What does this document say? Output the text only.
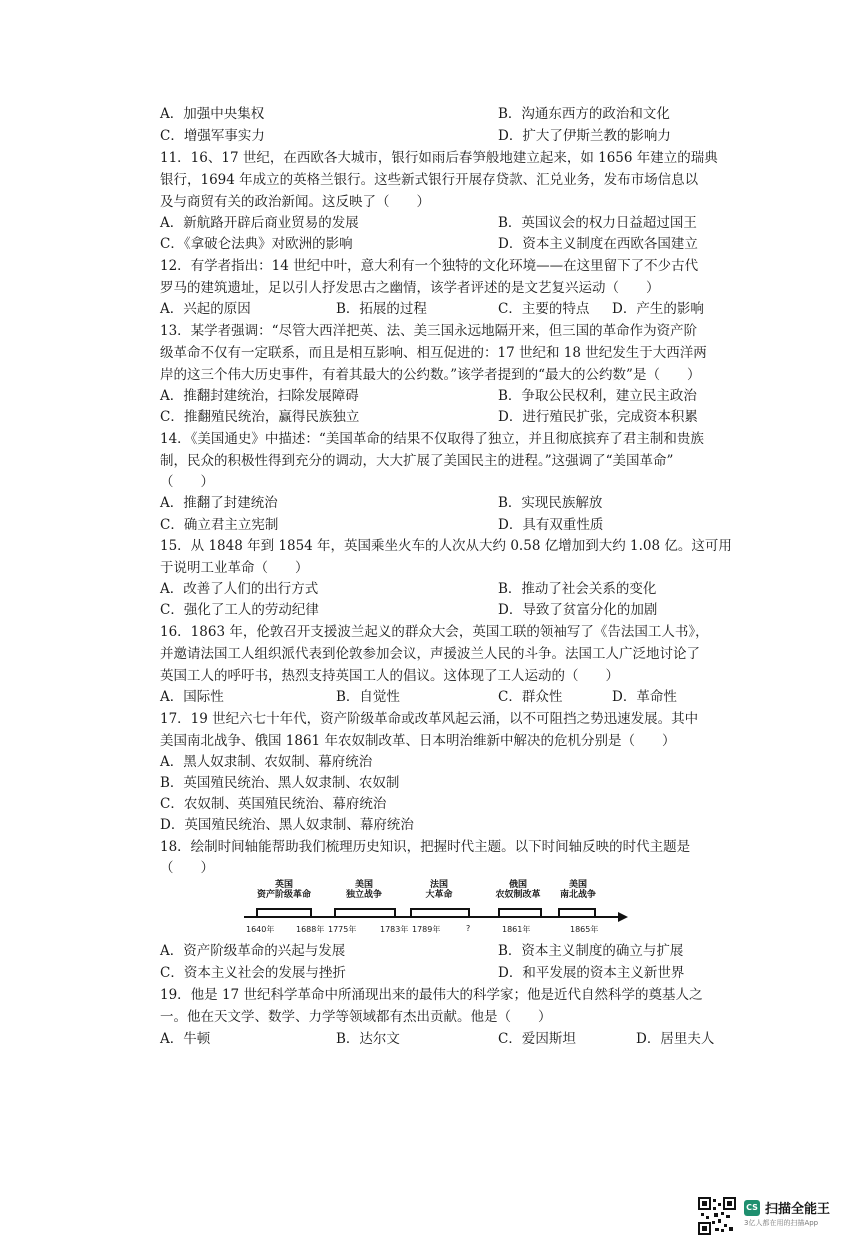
A．加强中央集权	B．沟通东西方的政治和文化
C．增强军事实力	D．扩大了伊斯兰教的影响力
11．16、17 世纪，在西欧各大城市，银行如雨后春笋般地建立起来，如 1656 年建立的瑞典
银行，1694 年成立的英格兰银行。这些新式银行开展存贷款、汇兑业务，发布市场信息以
及与商贸有关的政治新闻。这反映了（　　）
A．新航路开辟后商业贸易的发展	B．英国议会的权力日益超过国王
C．《拿破仑法典》对欧洲的影响	D．资本主义制度在西欧各国建立
12．有学者指出：14 世纪中叶，意大利有一个独特的文化环境——在这里留下了不少古代
罗马的建筑遗址，足以引人抒发思古之幽情，该学者评述的是文艺复兴运动（　　）
A．兴起的原因	B．拓展的过程	C．主要的特点 D．产生的影响
13．某学者强调：“尽管大西洋把英、法、美三国永远地隔开来，但三国的革命作为资产阶
级革命不仅有一定联系，而且是相互影响、相互促进的：17 世纪和 18 世纪发生于大西洋两
岸的这三个伟大历史事件，有着其最大的公约数。”该学者提到的“最大的公约数”是（　　）
A．推翻封建统治，扫除发展障碍	B．争取公民权利，建立民主政治
C．推翻殖民统治，赢得民族独立	D．进行殖民扩张，完成资本积累
14．《美国通史》中描述：“美国革命的结果不仅取得了独立，并且彻底摈弃了君主制和贵族
制，民众的积极性得到充分的调动，大大扩展了美国民主的进程。”这强调了“美国革命”
（　　）
A．推翻了封建统治	B．实现民族解放
C．确立君主立宪制	D．具有双重性质
15．从 1848 年到 1854 年，英国乘坐火车的人次从大约 0.58 亿增加到大约 1.08 亿。这可用
于说明工业革命（　　）
A．改善了人们的出行方式	B．推动了社会关系的变化
C．强化了工人的劳动纪律	D．导致了贫富分化的加剧
16．1863 年，伦敦召开支援波兰起义的群众大会，英国工联的领袖写了《告法国工人书》，
并邀请法国工人组织派代表到伦敦参加会议，声援波兰人民的斗争。法国工人广泛地讨论了
英国工人的呼吁书，热烈支持英国工人的倡议。这体现了工人运动的（　　）
A．国际性	B．自觉性	C．群众性	D．革命性
17．19 世纪六七十年代，资产阶级革命或改革风起云涌，以不可阻挡之势迅速发展。其中
美国南北战争、俄国 1861 年农奴制改革、日本明治维新中解决的危机分别是（　　）
A．黑人奴隶制、农奴制、幕府统治
B．英国殖民统治、黑人奴隶制、农奴制
C．农奴制、英国殖民统治、幕府统治
D．英国殖民统治、黑人奴隶制、幕府统治
18．绘制时间轴能帮助我们梳理历史知识，把握时代主题。以下时间轴反映的时代主题是
（　　）
英国
资产阶级革命
美国
独立战争
法国
大革命
俄国
农奴制改革
美国
南北战争
1640年	1688年 1775年	1783年 1789年	?	1861年	1865年
A．资产阶级革命的兴起与发展	B．资本主义制度的确立与扩展
C．资本主义社会的发展与挫折	D．和平发展的资本主义新世界
19．他是 17 世纪科学革命中所涌现出来的最伟大的科学家；他是近代自然科学的奠基人之
一。他在天文学、数学、力学等领域都有杰出贡献。他是（　　）
A．牛顿	B．达尔文	C．爱因斯坦	D．居里夫人
CS 扫描全能王
3亿人都在用的扫描App
